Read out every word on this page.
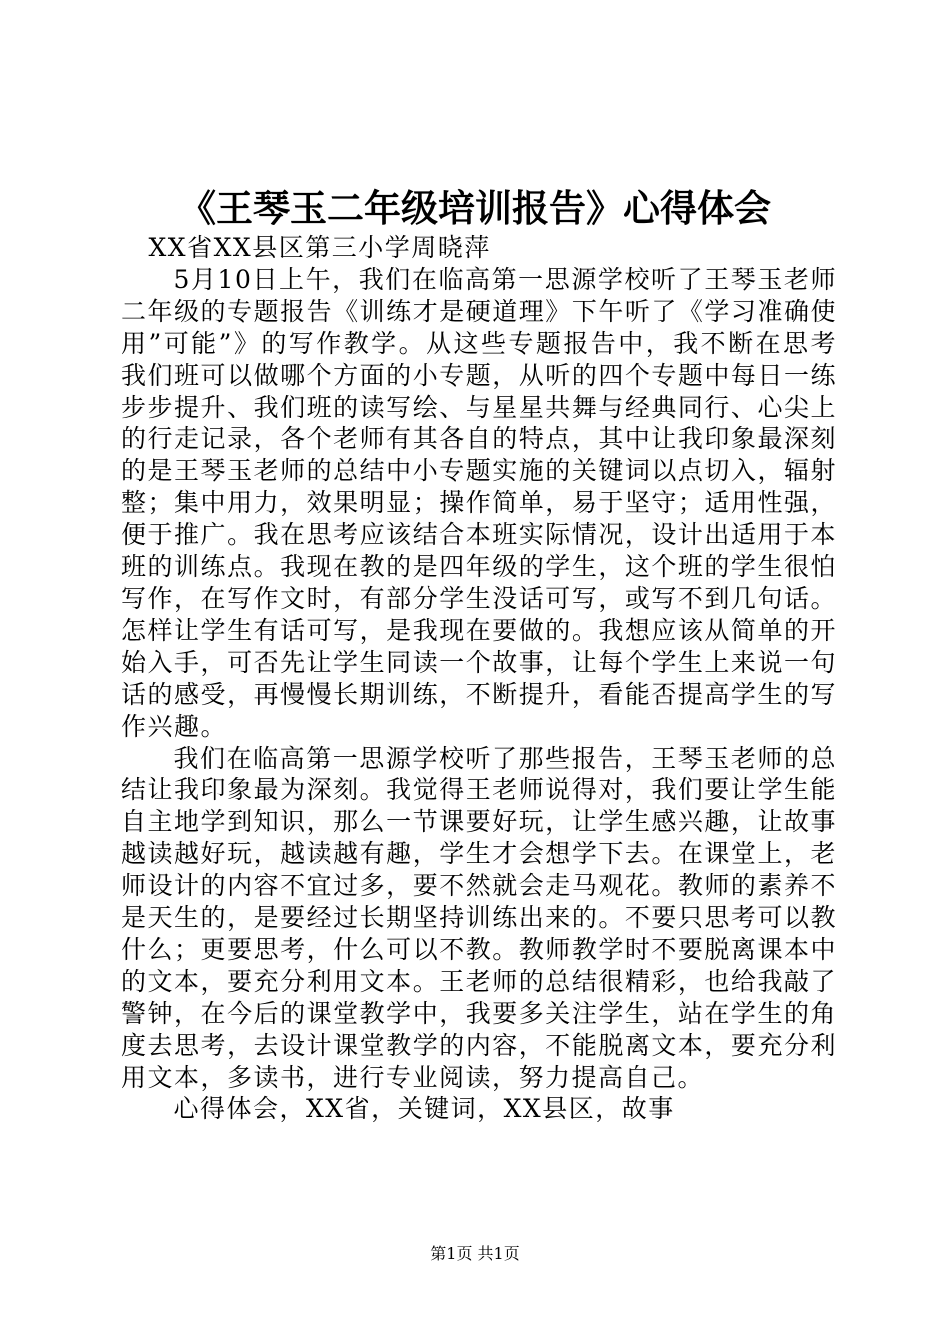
《王琴玉二年级培训报告》心得体会

XX省XX县区第三小学周晓萍

5月10日上午，我们在临高第一思源学校听了王琴玉老师二年级的专题报告《训练才是硬道理》下午听了《学习准确使用”可能”》的写作教学。从这些专题报告中，我不断在思考我们班可以做哪个方面的小专题，从听的四个专题中每日一练步步提升、我们班的读写绘、与星星共舞与经典同行、心尖上的行走记录，各个老师有其各自的特点，其中让我印象最深刻的是王琴玉老师的总结中小专题实施的关键词以点切入，辐射整；集中用力，效果明显；操作简单，易于坚守；适用性强，便于推广。我在思考应该结合本班实际情况，设计出适用于本班的训练点。我现在教的是四年级的学生，这个班的学生很怕写作，在写作文时，有部分学生没话可写，或写不到几句话。怎样让学生有话可写，是我现在要做的。我想应该从简单的开始入手，可否先让学生同读一个故事，让每个学生上来说一句话的感受，再慢慢长期训练，不断提升，看能否提高学生的写作兴趣。

我们在临高第一思源学校听了那些报告，王琴玉老师的总结让我印象最为深刻。我觉得王老师说得对，我们要让学生能自主地学到知识，那么一节课要好玩，让学生感兴趣，让故事越读越好玩，越读越有趣，学生才会想学下去。在课堂上，老师设计的内容不宜过多，要不然就会走马观花。教师的素养不是天生的，是要经过长期坚持训练出来的。不要只思考可以教什么；更要思考，什么可以不教。教师教学时不要脱离课本中的文本，要充分利用文本。王老师的总结很精彩，也给我敲了警钟，在今后的课堂教学中，我要多关注学生，站在学生的角度去思考，去设计课堂教学的内容，不能脱离文本，要充分利用文本，多读书，进行专业阅读，努力提高自己。

心得体会，XX省，关键词，XX县区，故事

第1页 共1页
